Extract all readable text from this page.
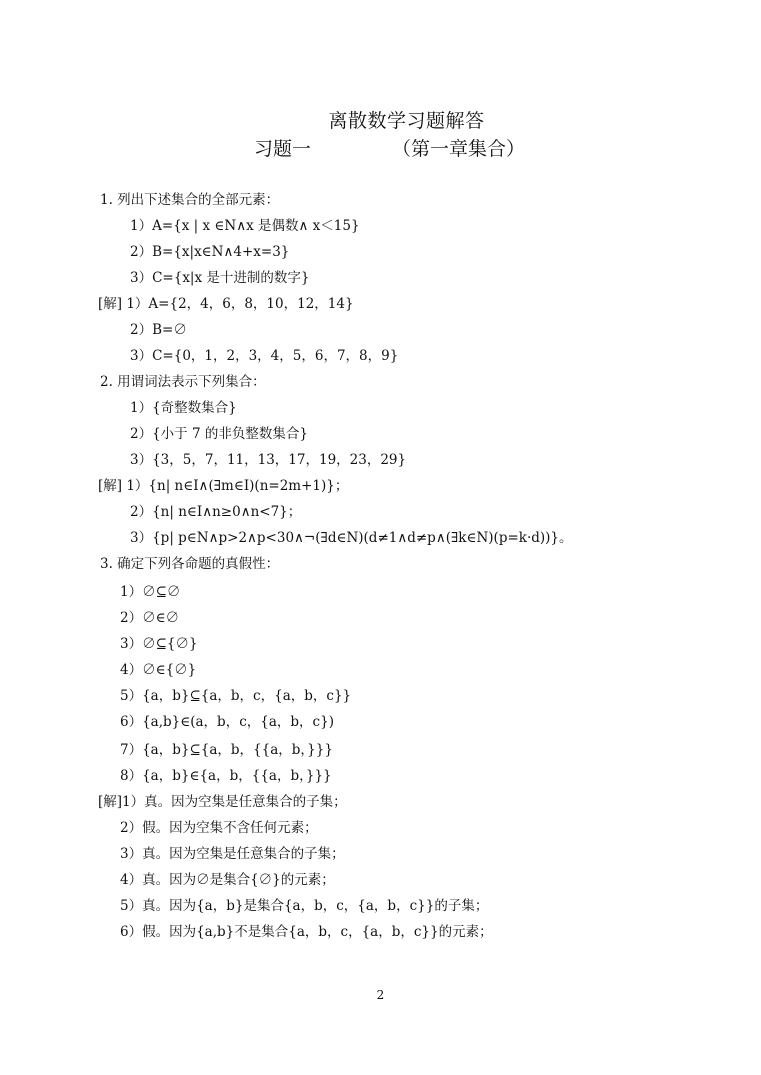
离散数学习题解答
习题一	（第一章集合）
1. 列出下述集合的全部元素：
1）A={x | x ∈N∧x 是偶数∧ x＜15}
2）B={x|x∈N∧4+x=3}
3）C={x|x 是十进制的数字}
[解] 1）A={2，4，6，8，10，12，14}
2）B=∅
3）C={0，1，2，3，4，5，6，7，8，9}
2. 用谓词法表示下列集合：
1）{奇整数集合}
2）{小于 7 的非负整数集合}
3）{3，5，7，11，13，17，19，23，29}
[解] 1）{n| n∈I∧(∃m∈I)(n=2m+1)}；
2）{n| n∈I∧n≥0∧n<7}；
3）{p| p∈N∧p>2∧p<30∧¬(∃d∈N)(d≠1∧d≠p∧(∃k∈N)(p=k·d))}。
3. 确定下列各命题的真假性：
1）∅⊆∅
2）∅∈∅
3）∅⊆{∅}
4）∅∈{∅}
5）{a，b}⊆{a，b，c，{a，b，c}}
6）{a,b}∈(a，b，c，{a，b，c})
7）{a，b}⊆{a，b，{{a，b，}}}
8）{a，b}∈{a，b，{{a，b，}}}
[解]1）真。因为空集是任意集合的子集；
2）假。因为空集不含任何元素；
3）真。因为空集是任意集合的子集；
4）真。因为∅是集合{∅}的元素；
5）真。因为{a，b}是集合{a，b，c，{a，b，c}}的子集；
6）假。因为{a,b}不是集合{a，b，c，{a，b，c}}的元素；
2
